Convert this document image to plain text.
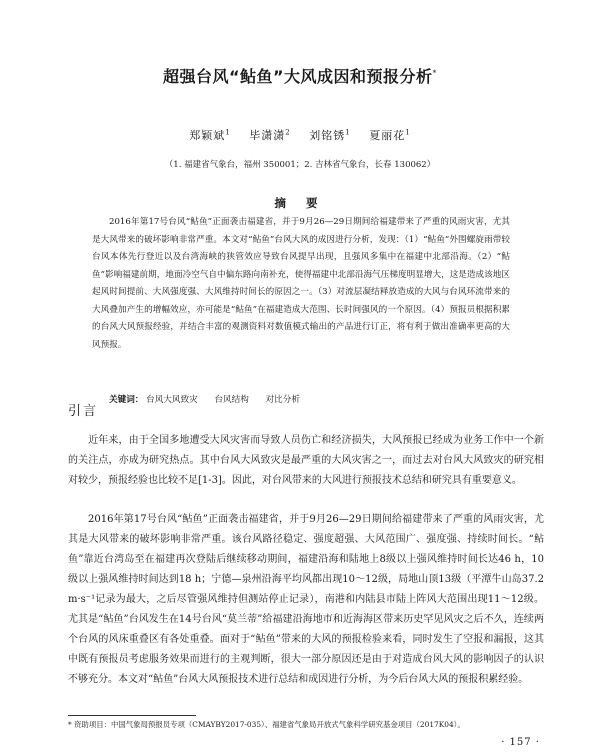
超强台风“鲇鱼”大风成因和预报分析*
郑颖斌$^1$ 毕潇潇$^2$ 刘铭锈$^1$ 夏丽花$^1$
（1. 福建省气象台，福州 350001；2. 吉林省气象台，长春 130062）
摘 要
2016年第17号台风“鲇鱼”正面袭击福建省，并于9月26—29日期间给福建带来了严重的风雨灾害，尤其是大风带来的破坏影响非常严重。本文对“鲇鱼”台风大风的成因进行分析，发现：（1）“鲇鱼”外围螺旋雨带较台风本体先行登近以及台湾海峡的狭管效应导致台风提早出现，且强风多集中在福建中北部沿海。（2）“鲇鱼”影响福建前期，地面冷空气自中偏东路向南补充，使得福建中北部沿海气压梯度明显增大，这是造成该地区起风时间提前、大风强度强、大风维持时间长的原因之一。（3）对流层凝结释放造成的大风与台风环流带来的大风叠加产生的增幅效应，亦可能是“鲇鱼”在福建造成大范围、长时间强风的一个原因。（4）预报员根据积累的台风大风预报经验，并结合丰富的观测资料对数值模式输出的产品进行订正，将有利于做出准确率更高的大风预报。
关键词： 台风大风致灾 台风结构 对比分析
引言
近年来，由于全国多地遭受大风灾害而导致人员伤亡和经济损失，大风预报已经成为业务工作中一个新的关注点，亦成为研究热点。其中台风大风致灾是最严重的大风灾害之一，而过去对台风大风致灾的研究相对较少，预报经验也比较不足[1-3]。因此，对台风带来的大风进行预报技术总结和研究具有重要意义。
2016年第17号台风“鲇鱼”正面袭击福建省，并于9月26—29日期间给福建带来了严重的风雨灾害，尤其是大风带来的破坏影响非常严重。该台风路径稳定、强度超强、大风范围广、强度强、持续时间长。“鲇鱼”靠近台湾岛至在福建再次登陆后继续移动期间，福建沿海和陆地上8级以上强风维持时间长达46 h，10级以上强风维持时间达到18 h；宁德—泉州沿海平均风都出现10～12级，局地山顶13级（平潭牛山岛37.2 m·s⁻¹记录为最大，之后尽管强风维持但测站停止记录），南港和内陆县市陆上阵风大范围出现11～12级。尤其是“鲇鱼”台风发生在14号台风“莫兰蒂”给福建沿海地市和近海海区带来历史罕见风灾之后不久，连续两个台风的风床重叠区有各处重叠。面对于“鲇鱼”带来的大风的预报检验来看，同时发生了空报和漏报，这其中既有预报员考虑服务效果而进行的主观判断，很大一部分原因还是由于对造成台风大风的影响因子的认识不够充分。本文对“鲇鱼”台风大风预报技术进行总结和成因进行分析，为今后台风大风的预报积累经验。
* 资助项目：中国气象局预报员专项（CMAYBY2017-035）、福建省气象局开放式气象科学研究基金项目（2017K04）。
· 157 ·
